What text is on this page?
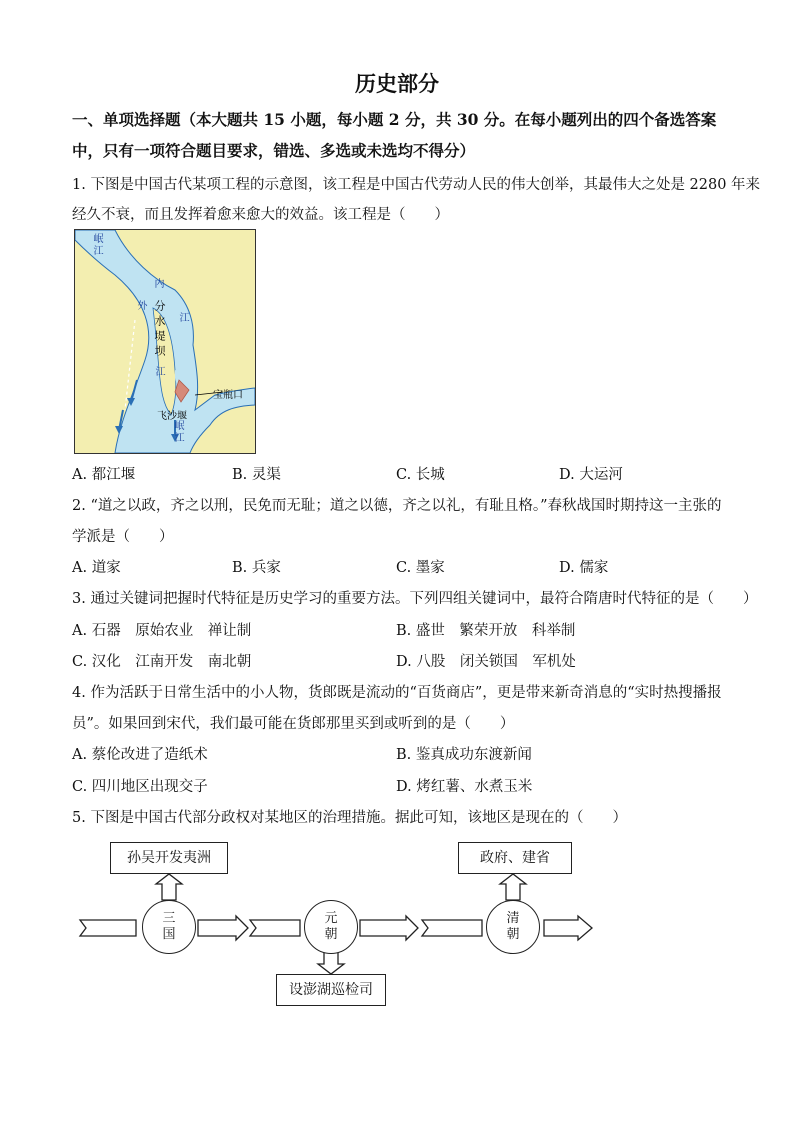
历史部分
一、单项选择题（本大题共 15 小题，每小题 2 分，共 30 分。在每小题列出的四个备选答案
中，只有一项符合题目要求，错选、多选或未选均不得分）
1. 下图是中国古代某项工程的示意图，该工程是中国古代劳动人民的伟大创举，其最伟大之处是 2280 年来
经久不衰，而且发挥着愈来愈大的效益。该工程是（　　）
岷江
内
江
外
江
分水堤坝
宝瓶口
飞沙堰
岷江
A. 都江堰	B. 灵渠	C. 长城	D. 大运河
2. “道之以政，齐之以刑，民免而无耻；道之以德，齐之以礼，有耻且格。”春秋战国时期持这一主张的
学派是（　　）
A. 道家	B. 兵家	C. 墨家	D. 儒家
3. 通过关键词把握时代特征是历史学习的重要方法。下列四组关键词中，最符合隋唐时代特征的是（　　）
A. 石器　原始农业　禅让制	B. 盛世　繁荣开放　科举制
C. 汉化　江南开发　南北朝	D. 八股　闭关锁国　军机处
4. 作为活跃于日常生活中的小人物，货郎既是流动的“百货商店”，更是带来新奇消息的“实时热搜播报
员”。如果回到宋代，我们最可能在货郎那里买到或听到的是（　　）
A. 蔡伦改进了造纸术	B. 鉴真成功东渡新闻
C. 四川地区出现交子	D. 烤红薯、水煮玉米
5. 下图是中国古代部分政权对某地区的治理措施。据此可知，该地区是现在的（　　）
孙吴开发夷洲
设澎湖巡检司
政府、建省
三
国
元
朝
清
朝
